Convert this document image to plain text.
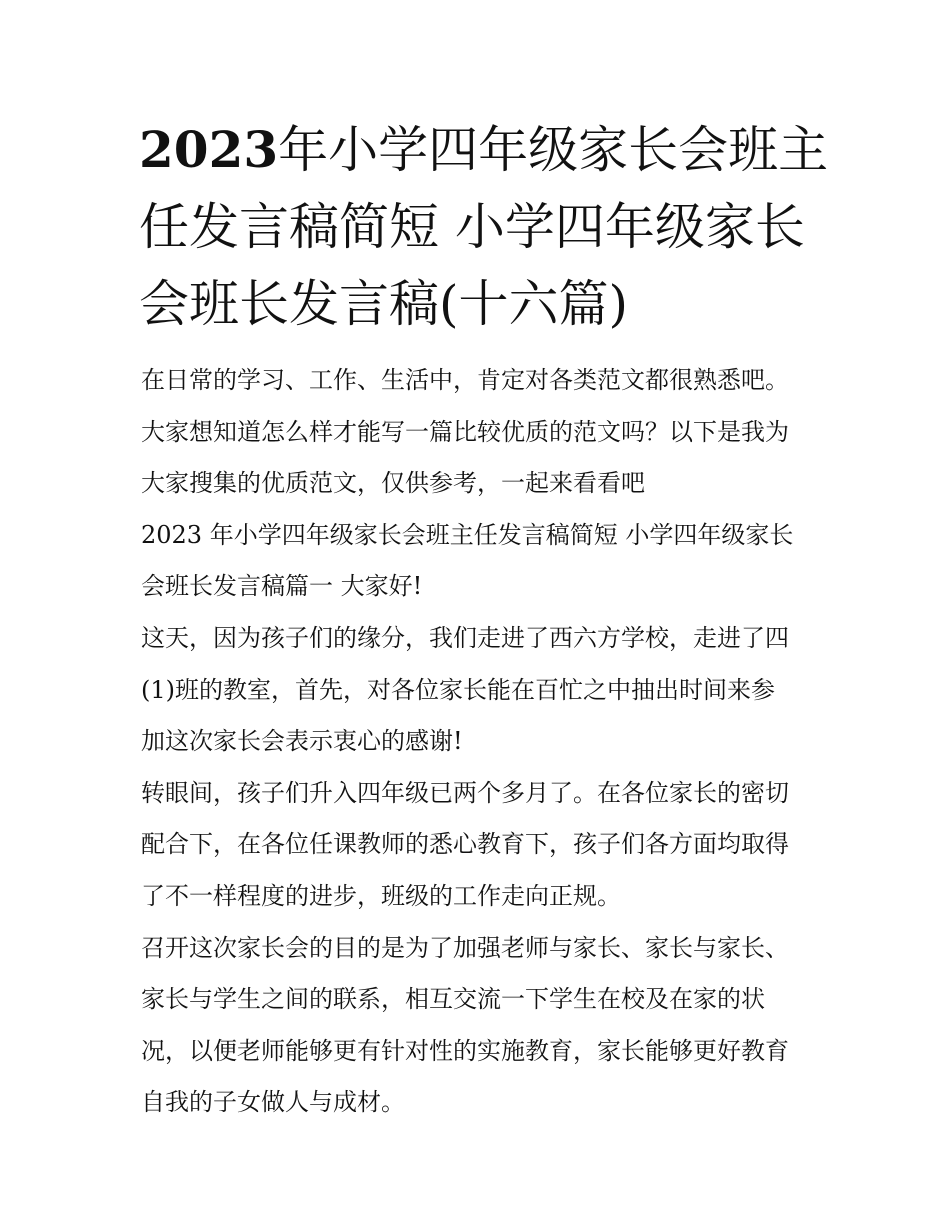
2023年小学四年级家长会班主
任发言稿简短 小学四年级家长
会班长发言稿(十六篇)
在日常的学习、工作、生活中，肯定对各类范文都很熟悉吧。
大家想知道怎么样才能写一篇比较优质的范文吗？以下是我为
大家搜集的优质范文，仅供参考，一起来看看吧
2023 年小学四年级家长会班主任发言稿简短 小学四年级家长
会班长发言稿篇一 大家好!
这天，因为孩子们的缘分，我们走进了西六方学校，走进了四
(1)班的教室，首先，对各位家长能在百忙之中抽出时间来参
加这次家长会表示衷心的感谢!
转眼间，孩子们升入四年级已两个多月了。在各位家长的密切
配合下，在各位任课教师的悉心教育下，孩子们各方面均取得
了不一样程度的进步，班级的工作走向正规。
召开这次家长会的目的是为了加强老师与家长、家长与家长、
家长与学生之间的联系，相互交流一下学生在校及在家的状
况，以便老师能够更有针对性的实施教育，家长能够更好教育
自我的子女做人与成材。
